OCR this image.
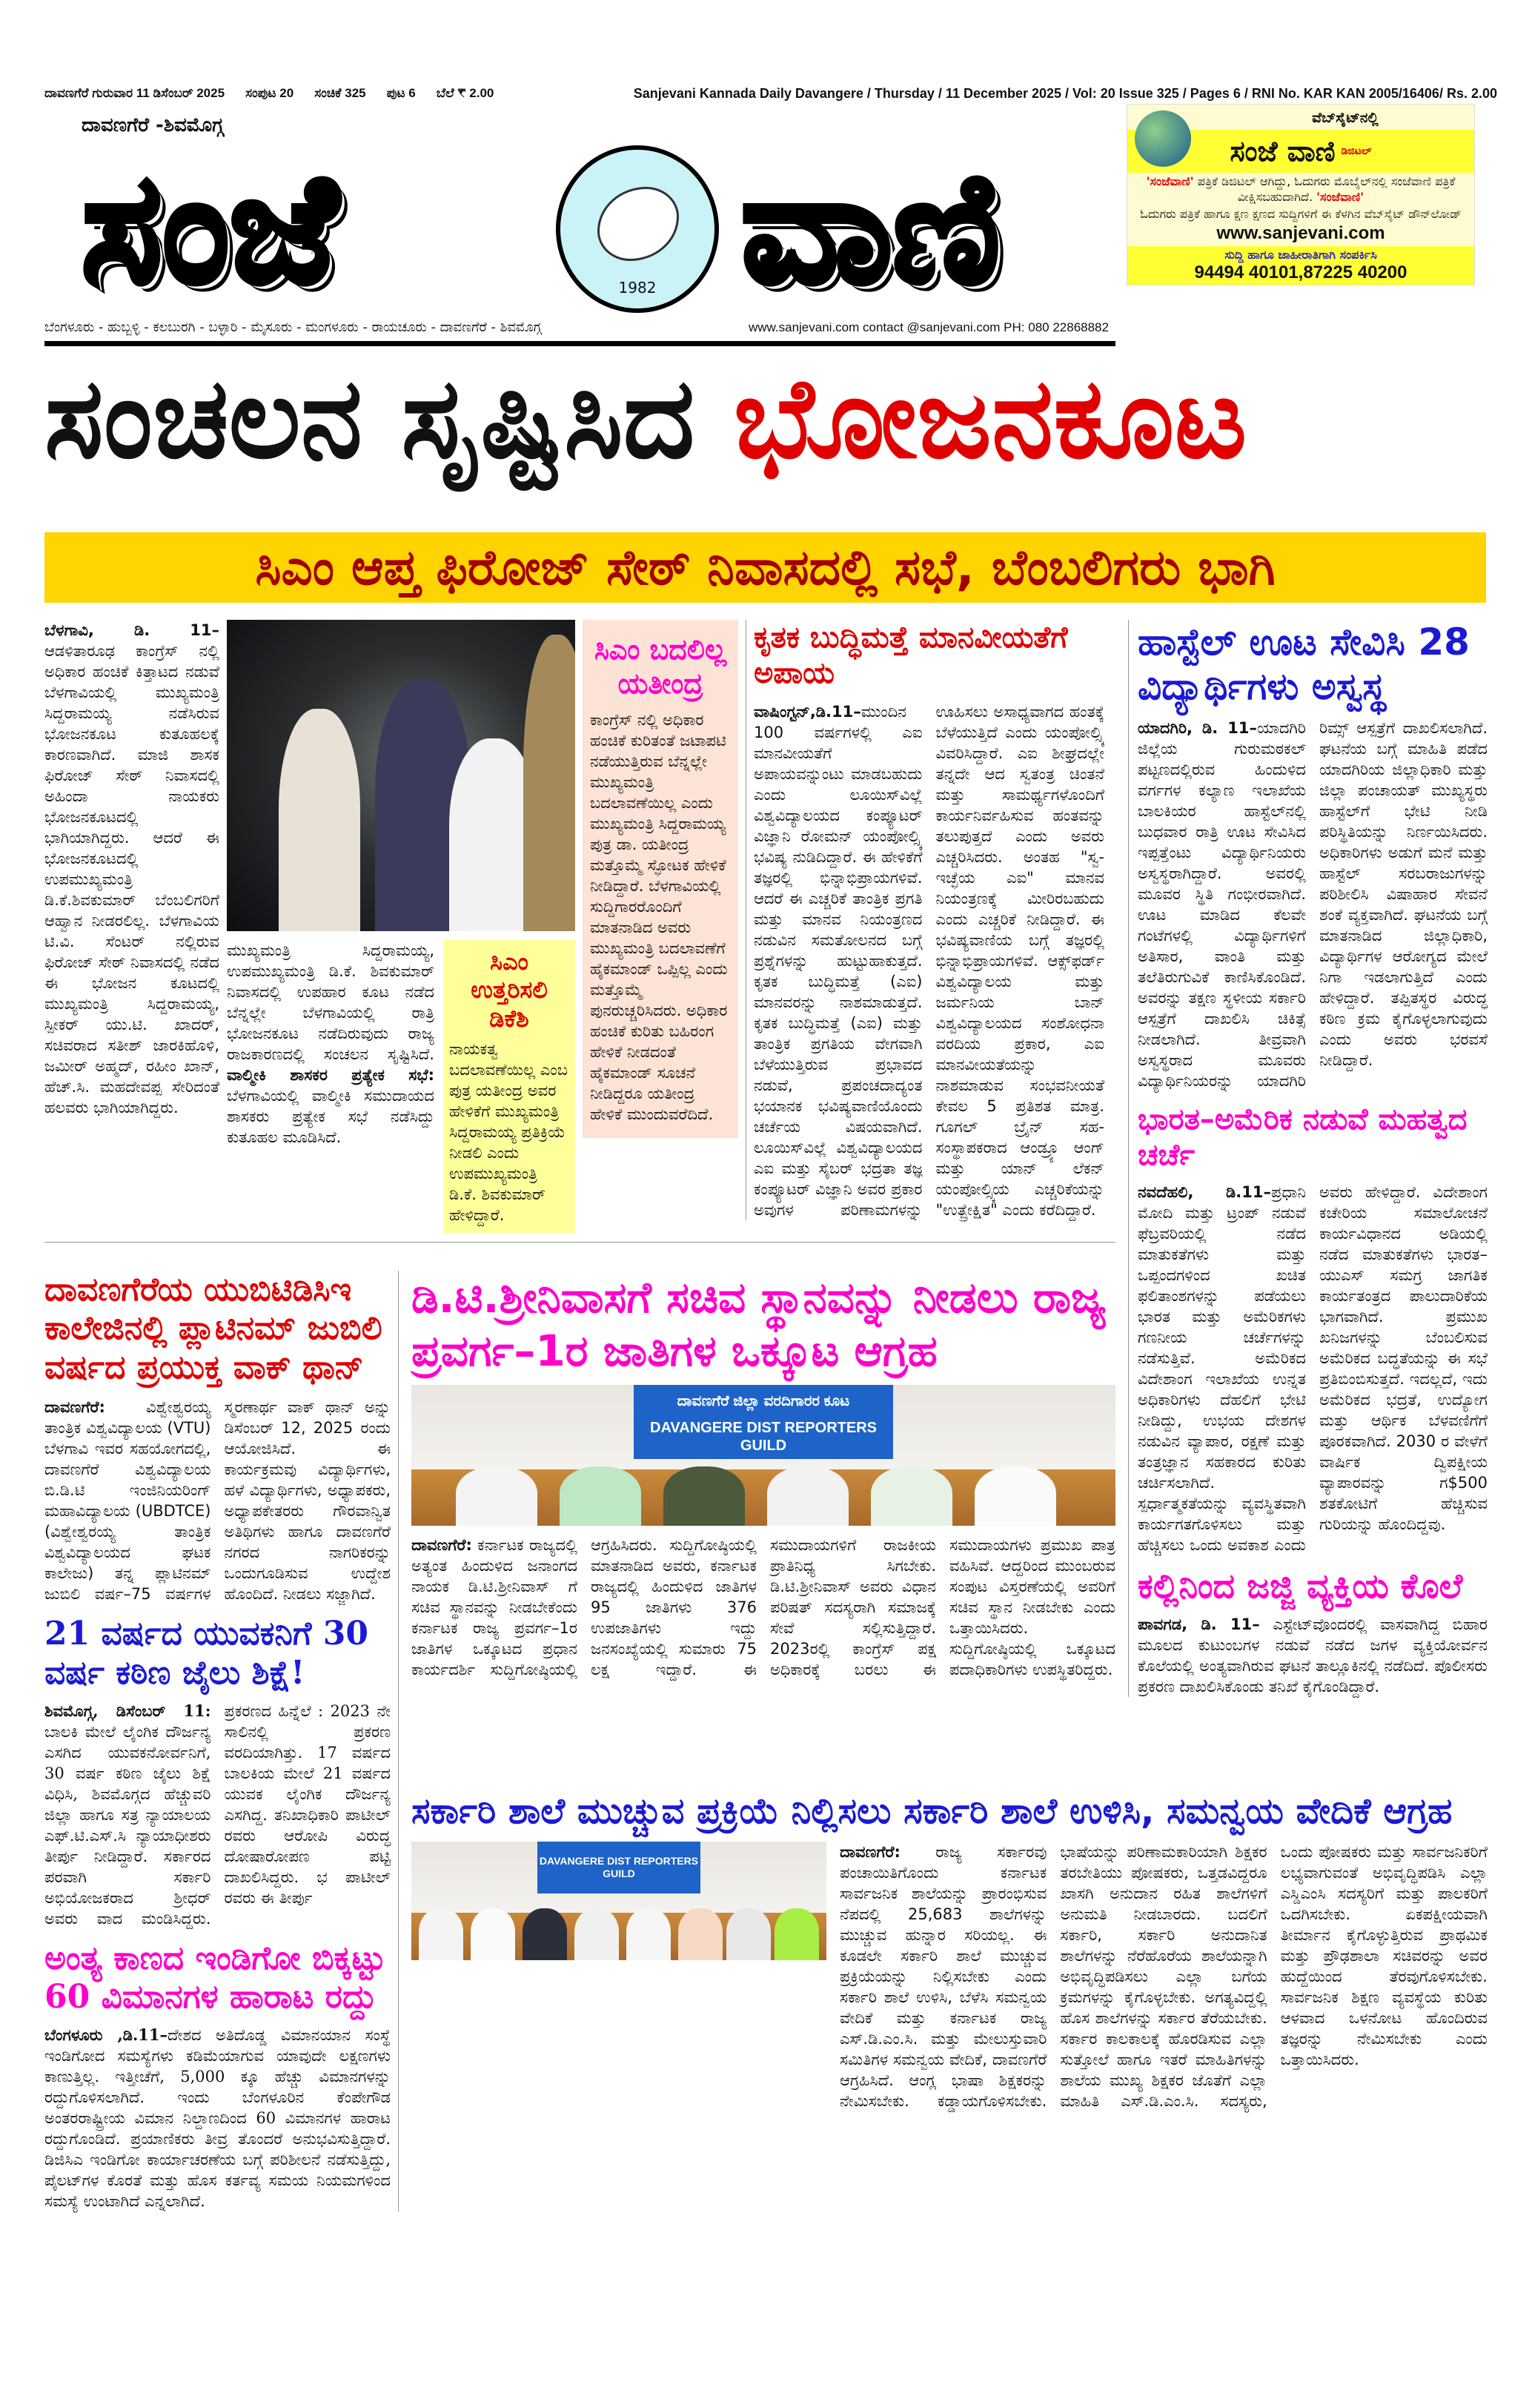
ದಾವಣಗೆರೆ ಗುರುವಾರ 11 ಡಿಸೆಂಬರ್ 2025 ಸಂಪುಟ 20 ಸಂಚಿಕೆ 325 ಪುಟ 6 ಬೆಲೆ ₹ 2.00	Sanjevani Kannada Daily Davangere / Thursday / 11 December 2025 / Vol: 20 Issue 325 / Pages 6 / RNI No. KAR KAN 2005/16406/ Rs. 2.00
ದಾವಣಗೆರೆ -ಶಿವಮೊಗ್ಗ
ಸಂಜೆ	1982 ವಾಣಿ
ಬೆಂಗಳೂರು - ಹುಬ್ಬಳ್ಳಿ - ಕಲಬುರಗಿ - ಬಳ್ಳಾರಿ - ಮೈಸೂರು - ಮಂಗಳೂರು - ರಾಯಚೂರು - ದಾವಣಗೆರೆ - ಶಿವಮೊಗ್ಗ	www.sanjevani.com contact @sanjevani.com PH: 080 22868882
ವೆಬ್‌ಸೈಟ್‌ನಲ್ಲಿ
ಸಂಜೆ ವಾಣಿ ಡಿಜಿಟಲ್

'ಸಂಜೆವಾಣಿ' ಪತ್ರಿಕೆ ಡಿಜಿಟಲ್ ಆಗಿದ್ದು, ಓದುಗರು ಮೊಬೈಲ್‌ನಲ್ಲಿ ಸಂಜೆವಾಣಿ ಪತ್ರಿಕೆ ವೀಕ್ಷಿಸಬಹುದಾಗಿದೆ. 'ಸಂಜೆವಾಣಿ'

ಓದುಗರು ಪತ್ರಿಕೆ ಹಾಗೂ ಕ್ಷಣ ಕ್ಷಣದ ಸುದ್ದಿಗಳಿಗೆ ಈ ಕೆಳಗಿನ ವೆಬ್‌ಸೈಟ್ ಡೌನ್‌ಲೋಡ್

www.sanjevani.com
ಸುದ್ದಿ ಹಾಗೂ ಜಾಹೀರಾತಿಗಾಗಿ ಸಂಪರ್ಕಿಸಿ
94494 40101,87225 40200
ಸಂಚಲನ ಸೃಷ್ಟಿಸಿದ ಭೋಜನಕೂಟ
ಸಿಎಂ ಆಪ್ತ ಫಿರೋಜ್ ಸೇಠ್ ನಿವಾಸದಲ್ಲಿ ಸಭೆ, ಬೆಂಬಲಿಗರು ಭಾಗಿ
ಬೆಳಗಾವಿ, ಡಿ. 11–ಆಡಳಿತಾರೂಢ ಕಾಂಗ್ರೆಸ್ ನಲ್ಲಿ ಅಧಿಕಾರ ಹಂಚಿಕೆ ಕಿತ್ತಾಟದ ನಡುವೆ ಬೆಳಗಾವಿಯಲ್ಲಿ ಮುಖ್ಯಮಂತ್ರಿ ಸಿದ್ದರಾಮಯ್ಯ ನಡೆಸಿರುವ ಭೋಜನಕೂಟ ಕುತೂಹಲಕ್ಕೆ ಕಾರಣವಾಗಿದೆ. ಮಾಜಿ ಶಾಸಕ ಫಿರೋಜ್ ಸೇಠ್ ನಿವಾಸದಲ್ಲಿ ಅಹಿಂದಾ ನಾಯಕರು ಭೋಜನಕೂಟದಲ್ಲಿ ಭಾಗಿಯಾಗಿದ್ದರು. ಆದರೆ ಈ ಭೋಜನಕೂಟದಲ್ಲಿ ಉಪಮುಖ್ಯಮಂತ್ರಿ ಡಿ.ಕೆ.ಶಿವಕುಮಾರ್ ಬೆಂಬಲಿಗರಿಗೆ ಆಹ್ವಾನ ನೀಡರಲಿಲ್ಲ. ಬೆಳಗಾವಿಯ ಟಿ.ವಿ. ಸೆಂಟರ್ ನಲ್ಲಿರುವ ಫಿರೋಜ್ ಸೇಠ್ ನಿವಾಸದಲ್ಲಿ ನಡೆದ ಈ ಭೋಜನ ಕೂಟದಲ್ಲಿ ಮುಖ್ಯಮಂತ್ರಿ ಸಿದ್ದರಾಮಯ್ಯ, ಸ್ಪೀಕರ್ ಯು.ಟಿ. ಖಾದರ್, ಸಚಿವರಾದ ಸತೀಶ್ ಜಾರಕಿಹೊಳಿ, ಜಮೀರ್ ಅಹ್ಮದ್, ರಹೀಂ ಖಾನ್, ಹೆಚ್.ಸಿ. ಮಹದೇವಪ್ಪ ಸೇರಿದಂತೆ ಹಲವರು ಭಾಗಿಯಾಗಿದ್ದರು.
ಮುಖ್ಯಮಂತ್ರಿ ಸಿದ್ದರಾಮಯ್ಯ, ಉಪಮುಖ್ಯಮಂತ್ರಿ ಡಿ.ಕೆ. ಶಿವಕುಮಾರ್ ನಿವಾಸದಲ್ಲಿ ಉಪಹಾರ ಕೂಟ ನಡೆದ ಬೆನ್ನಲ್ಲೇ ಬೆಳಗಾವಿಯಲ್ಲಿ ರಾತ್ರಿ ಭೋಜನಕೂಟ ನಡೆದಿರುವುದು ರಾಜ್ಯ ರಾಜಕಾರಣದಲ್ಲಿ ಸಂಚಲನ ಸೃಷ್ಟಿಸಿದೆ. ವಾಲ್ಮೀಕಿ ಶಾಸಕರ ಪ್ರತ್ಯೇಕ ಸಭೆ: ಬೆಳಗಾವಿಯಲ್ಲಿ ವಾಲ್ಮೀಕಿ ಸಮುದಾಯದ ಶಾಸಕರು ಪ್ರತ್ಯೇಕ ಸಭೆ ನಡೆಸಿದ್ದು ಕುತೂಹಲ ಮೂಡಿಸಿದೆ.
ಸಿಎಂ ಉತ್ತರಿಸಲಿ ಡಿಕೆಶಿ
ನಾಯಕತ್ವ ಬದಲಾವಣೆಯಿಲ್ಲ ಎಂಬ ಪುತ್ರ ಯತೀಂದ್ರ ಅವರ ಹೇಳಿಕೆಗೆ ಮುಖ್ಯಮಂತ್ರಿ ಸಿದ್ದರಾಮಯ್ಯ ಪ್ರತಿಕ್ರಿಯೆ ನೀಡಲಿ ಎಂದು ಉಪಮುಖ್ಯಮಂತ್ರಿ ಡಿ.ಕೆ. ಶಿವಕುಮಾರ್ ಹೇಳಿದ್ದಾರೆ.
ಸಿಎಂ ಬದಲಿಲ್ಲ ಯತೀಂದ್ರ
ಕಾಂಗ್ರೆಸ್ ನಲ್ಲಿ ಅಧಿಕಾರ ಹಂಚಿಕೆ ಕುರಿತಂತೆ ಜಟಾಪಟಿ ನಡೆಯುತ್ತಿರುವ ಬೆನ್ನಲ್ಲೇ ಮುಖ್ಯಮಂತ್ರಿ ಬದಲಾವಣೆಯಿಲ್ಲ ಎಂದು ಮುಖ್ಯಮಂತ್ರಿ ಸಿದ್ದರಾಮಯ್ಯ ಪುತ್ರ ಡಾ. ಯತೀಂದ್ರ ಮತ್ತೊಮ್ಮೆ ಸ್ಫೋಟಕ ಹೇಳಿಕೆ ನೀಡಿದ್ದಾರೆ. ಬೆಳಗಾವಿಯಲ್ಲಿ ಸುದ್ದಿಗಾರರೊಂದಿಗೆ ಮಾತನಾಡಿದ ಅವರು ಮುಖ್ಯಮಂತ್ರಿ ಬದಲಾವಣೆಗೆ ಹೈಕಮಾಂಡ್ ಒಪ್ಪಿಲ್ಲ ಎಂದು ಮತ್ತೊಮ್ಮೆ ಪುನರುಚ್ಚರಿಸಿದರು. ಅಧಿಕಾರ ಹಂಚಿಕೆ ಕುರಿತು ಬಹಿರಂಗ ಹೇಳಿಕೆ ನೀಡದಂತೆ ಹೈಕಮಾಂಡ್ ಸೂಚನೆ ನೀಡಿದ್ದರೂ ಯತೀಂದ್ರ ಹೇಳಿಕೆ ಮುಂದುವರೆದಿದೆ.
ಕೃತಕ ಬುದ್ಧಿಮತ್ತೆ ಮಾನವೀಯತೆಗೆ ಅಪಾಯ
ವಾಷಿಂಗ್ಟನ್,ಡಿ.11–ಮುಂದಿನ 100 ವರ್ಷಗಳಲ್ಲಿ ಎಐ ಮಾನವೀಯತೆಗೆ ಅಪಾಯವನ್ನುಂಟು ಮಾಡಬಹುದು ಎಂದು ಲೂಯಿಸ್‌ವಿಲ್ಲೆ ವಿಶ್ವವಿದ್ಯಾಲಯದ ಕಂಪ್ಯೂಟರ್ ವಿಜ್ಞಾನಿ ರೋಮನ್ ಯಂಪೋಲ್ಸ್ಕಿ ಭವಿಷ್ಯ ನುಡಿದಿದ್ದಾರೆ. ಈ ಹೇಳಿಕೆಗೆ ತಜ್ಞರಲ್ಲಿ ಭಿನ್ನಾಭಿಪ್ರಾಯಗಳಿವೆ. ಆದರೆ ಈ ಎಚ್ಚರಿಕೆ ತಾಂತ್ರಿಕ ಪ್ರಗತಿ ಮತ್ತು ಮಾನವ ನಿಯಂತ್ರಣದ ನಡುವಿನ ಸಮತೋಲನದ ಬಗ್ಗೆ ಪ್ರಶ್ನೆಗಳನ್ನು ಹುಟ್ಟುಹಾಕುತ್ತದೆ. ಕೃತಕ ಬುದ್ಧಿಮತ್ತೆ (ಎಐ) ಮಾನವರನ್ನು ನಾಶಮಾಡುತ್ತದೆ. ಕೃತಕ ಬುದ್ಧಿಮತ್ತೆ (ಎಐ) ಮತ್ತು ತಾಂತ್ರಿಕ ಪ್ರಗತಿಯ ವೇಗವಾಗಿ ಬೆಳೆಯುತ್ತಿರುವ ಪ್ರಭಾವದ ನಡುವೆ, ಪ್ರಪಂಚದಾದ್ಯಂತ ಭಯಾನಕ ಭವಿಷ್ಯವಾಣಿಯೊಂದು ಚರ್ಚೆಯ ವಿಷಯವಾಗಿದೆ. ಲೂಯಿಸ್‌ವಿಲ್ಲೆ ವಿಶ್ವವಿದ್ಯಾಲಯದ ಎಐ ಮತ್ತು ಸೈಬರ್ ಭದ್ರತಾ ತಜ್ಞ ಕಂಪ್ಯೂಟರ್ ವಿಜ್ಞಾನಿ ಅವರ ಪ್ರಕಾರ ಅವುಗಳ ಪರಿಣಾಮಗಳನ್ನು ಊಹಿಸಲು ಅಸಾಧ್ಯವಾಗದ ಹಂತಕ್ಕೆ ಬೆಳೆಯುತ್ತಿದೆ ಎಂದು ಯಂಪೋಲ್ಸ್ಕಿ ವಿವರಿಸಿದ್ದಾರೆ. ಎಐ ಶೀಘ್ರದಲ್ಲೇ ತನ್ನದೇ ಆದ ಸ್ವತಂತ್ರ ಚಿಂತನೆ ಮತ್ತು ಸಾಮರ್ಥ್ಯಗಳೊಂದಿಗೆ ಕಾರ್ಯನಿರ್ವಹಿಸುವ ಹಂತವನ್ನು ತಲುಪುತ್ತದೆ ಎಂದು ಅವರು ಎಚ್ಚರಿಸಿದರು. ಅಂತಹ "ಸ್ವ-ಇಚ್ಛೆಯ ಎಐ" ಮಾನವ ನಿಯಂತ್ರಣಕ್ಕೆ ಮೀರಿರಬಹುದು ಎಂದು ಎಚ್ಚರಿಕೆ ನೀಡಿದ್ದಾರೆ. ಈ ಭವಿಷ್ಯವಾಣಿಯ ಬಗ್ಗೆ ತಜ್ಞರಲ್ಲಿ ಭಿನ್ನಾಭಿಪ್ರಾಯಗಳಿವೆ. ಆಕ್ಸ್‌ಫರ್ಡ್ ವಿಶ್ವವಿದ್ಯಾಲಯ ಮತ್ತು ಜರ್ಮನಿಯ ಬಾನ್ ವಿಶ್ವವಿದ್ಯಾಲಯದ ಸಂಶೋಧನಾ ವರದಿಯ ಪ್ರಕಾರ, ಎಐ ಮಾನವೀಯತೆಯನ್ನು ನಾಶಮಾಡುವ ಸಂಭವನೀಯತೆ ಕೇವಲ 5 ಪ್ರತಿಶತ ಮಾತ್ರ. ಗೂಗಲ್ ಬ್ರೈನ್ ಸಹ-ಸಂಸ್ಥಾಪಕರಾದ ಆಂಡ್ರ್ಯೂ ಆಂಗ್ ಮತ್ತು ಯಾನ್ ಲೆಕನ್ ಯಂಪೋಲ್ಸ್ಕಿಯ ಎಚ್ಚರಿಕೆಯನ್ನು "ಉತ್ಪ್ರೇಕ್ಷಿತ" ಎಂದು ಕರೆದಿದ್ದಾರೆ.
ಹಾಸ್ಟೆಲ್ ಊಟ ಸೇವಿಸಿ 28 ವಿದ್ಯಾರ್ಥಿಗಳು ಅಸ್ವಸ್ಥ
ಯಾದಗಿರಿ, ಡಿ. 11–ಯಾದಗಿರಿ ಜಿಲ್ಲೆಯ ಗುರುಮಠಕಲ್ ಪಟ್ಟಣದಲ್ಲಿರುವ ಹಿಂದುಳಿದ ವರ್ಗಗಳ ಕಲ್ಯಾಣ ಇಲಾಖೆಯ ಬಾಲಕಿಯರ ಹಾಸ್ಟೆಲ್‌ನಲ್ಲಿ ಬುಧವಾರ ರಾತ್ರಿ ಊಟ ಸೇವಿಸಿದ ಇಪ್ಪತ್ತೆಂಟು ವಿದ್ಯಾರ್ಥಿನಿಯರು ಅಸ್ವಸ್ಥರಾಗಿದ್ದಾರೆ. ಅವರಲ್ಲಿ ಮೂವರ ಸ್ಥಿತಿ ಗಂಭೀರವಾಗಿದೆ. ಊಟ ಮಾಡಿದ ಕೆಲವೇ ಗಂಟೆಗಳಲ್ಲಿ ವಿದ್ಯಾರ್ಥಿಗಳಿಗೆ ಅತಿಸಾರ, ವಾಂತಿ ಮತ್ತು ತಲೆತಿರುಗುವಿಕೆ ಕಾಣಿಸಿಕೊಂಡಿದೆ. ಅವರನ್ನು ತಕ್ಷಣ ಸ್ಥಳೀಯ ಸರ್ಕಾರಿ ಆಸ್ಪತ್ರೆಗೆ ದಾಖಲಿಸಿ ಚಿಕಿತ್ಸೆ ನೀಡಲಾಗಿದೆ. ತೀವ್ರವಾಗಿ ಅಸ್ವಸ್ಥರಾದ ಮೂವರು ವಿದ್ಯಾರ್ಥಿನಿಯರನ್ನು ಯಾದಗಿರಿ ರಿಮ್ಸ್ ಆಸ್ಪತ್ರೆಗೆ ದಾಖಲಿಸಲಾಗಿದೆ. ಘಟನೆಯ ಬಗ್ಗೆ ಮಾಹಿತಿ ಪಡೆದ ಯಾದಗಿರಿಯ ಜಿಲ್ಲಾಧಿಕಾರಿ ಮತ್ತು ಜಿಲ್ಲಾ ಪಂಚಾಯತ್ ಮುಖ್ಯಸ್ಥರು ಹಾಸ್ಟೆಲ್‌ಗೆ ಭೇಟಿ ನೀಡಿ ಪರಿಸ್ಥಿತಿಯನ್ನು ನಿರ್ಣಯಿಸಿದರು. ಅಧಿಕಾರಿಗಳು ಅಡುಗೆ ಮನೆ ಮತ್ತು ಹಾಸ್ಟೆಲ್ ಸರಬರಾಜುಗಳನ್ನು ಪರಿಶೀಲಿಸಿ ವಿಷಾಹಾರ ಸೇವನೆ ಶಂಕೆ ವ್ಯಕ್ತವಾಗಿದೆ. ಘಟನೆಯ ಬಗ್ಗೆ ಮಾತನಾಡಿದ ಜಿಲ್ಲಾಧಿಕಾರಿ, ವಿದ್ಯಾರ್ಥಿಗಳ ಆರೋಗ್ಯದ ಮೇಲೆ ನಿಗಾ ಇಡಲಾಗುತ್ತಿದೆ ಎಂದು ಹೇಳಿದ್ದಾರೆ. ತಪ್ಪಿತಸ್ಥರ ವಿರುದ್ಧ ಕಠಿಣ ಕ್ರಮ ಕೈಗೊಳ್ಳಲಾಗುವುದು ಎಂದು ಅವರು ಭರವಸೆ ನೀಡಿದ್ದಾರೆ.
ಭಾರತ–ಅಮೆರಿಕ ನಡುವೆ ಮಹತ್ವದ ಚರ್ಚೆ
ನವದೆಹಲಿ, ಡಿ.11–ಪ್ರಧಾನಿ ಮೋದಿ ಮತ್ತು ಟ್ರಂಪ್ ನಡುವೆ ಫೆಬ್ರವರಿಯಲ್ಲಿ ನಡೆದ ಮಾತುಕತೆಗಳು ಮತ್ತು ಒಪ್ಪಂದಗಳಿಂದ ಖಚಿತ ಫಲಿತಾಂಶಗಳನ್ನು ಪಡೆಯಲು ಭಾರತ ಮತ್ತು ಅಮೆರಿಕಗಳು ಗಣನೀಯ ಚರ್ಚೆಗಳನ್ನು ನಡೆಸುತ್ತಿವೆ. ಅಮೆರಿಕದ ವಿದೇಶಾಂಗ ಇಲಾಖೆಯ ಉನ್ನತ ಅಧಿಕಾರಿಗಳು ದೆಹಲಿಗೆ ಭೇಟಿ ನೀಡಿದ್ದು, ಉಭಯ ದೇಶಗಳ ನಡುವಿನ ವ್ಯಾಪಾರ, ರಕ್ಷಣೆ ಮತ್ತು ತಂತ್ರಜ್ಞಾನ ಸಹಕಾರದ ಕುರಿತು ಚರ್ಚಿಸಲಾಗಿದೆ. ಸ್ಪರ್ಧಾತ್ಮಕತೆಯನ್ನು ವ್ಯವಸ್ಥಿತವಾಗಿ ಕಾರ್ಯಗತಗೊಳಿಸಲು ಮತ್ತು ಹೆಚ್ಚಿಸಲು ಒಂದು ಅವಕಾಶ ಎಂದು ಅವರು ಹೇಳಿದ್ದಾರೆ. ವಿದೇಶಾಂಗ ಕಚೇರಿಯ ಸಮಾಲೋಚನೆ ಕಾರ್ಯವಿಧಾನದ ಅಡಿಯಲ್ಲಿ ನಡೆದ ಮಾತುಕತೆಗಳು ಭಾರತ–ಯುಎಸ್ ಸಮಗ್ರ ಜಾಗತಿಕ ಕಾರ್ಯತಂತ್ರದ ಪಾಲುದಾರಿಕೆಯ ಭಾಗವಾಗಿದೆ. ಪ್ರಮುಖ ಖನಿಜಗಳನ್ನು ಬೆಂಬಲಿಸುವ ಅಮೆರಿಕದ ಬದ್ಧತೆಯನ್ನು ಈ ಸಭೆ ಪ್ರತಿಬಿಂಬಿಸುತ್ತದೆ. ಇದಲ್ಲದೆ, ಇದು ಅಮೆರಿಕದ ಭದ್ರತೆ, ಉದ್ಯೋಗ ಮತ್ತು ಆರ್ಥಿಕ ಬೆಳವಣಿಗೆಗೆ ಪೂರಕವಾಗಿದೆ. 2030 ರ ವೇಳೆಗೆ ವಾರ್ಷಿಕ ದ್ವಿಪಕ್ಷೀಯ ವ್ಯಾಪಾರವನ್ನು ಗ$500 ಶತಕೋಟಿಗೆ ಹೆಚ್ಚಿಸುವ ಗುರಿಯನ್ನು ಹೊಂದಿದ್ದವು.
ಕಲ್ಲಿನಿಂದ ಜಜ್ಜಿ ವ್ಯಕ್ತಿಯ ಕೊಲೆ
ಪಾವಗಡ, ಡಿ. 11– ಎಸ್ಟೇಟ್‌ವೊಂದರಲ್ಲಿ ವಾಸವಾಗಿದ್ದ ಬಿಹಾರ ಮೂಲದ ಕುಟುಂಬಗಳ ನಡುವೆ ನಡೆದ ಜಗಳ ವ್ಯಕ್ತಿಯೋರ್ವನ ಕೊಲೆಯಲ್ಲಿ ಅಂತ್ಯವಾಗಿರುವ ಘಟನೆ ತಾಲ್ಲೂಕಿನಲ್ಲಿ ನಡೆದಿದೆ. ಪೊಲೀಸರು ಪ್ರಕರಣ ದಾಖಲಿಸಿಕೊಂಡು ತನಿಖೆ ಕೈಗೊಂಡಿದ್ದಾರೆ.
ದಾವಣಗೆರೆಯ ಯುಬಿಟಿಡಿಸಿಇ ಕಾಲೇಜಿನಲ್ಲಿ ಪ್ಲಾಟಿನಮ್ ಜುಬಿಲಿ ವರ್ಷದ ಪ್ರಯುಕ್ತ ವಾಕ್ ಥಾನ್
ದಾವಣಗೆರೆ:	ವಿಶ್ವೇಶ್ವರಯ್ಯ ತಾಂತ್ರಿಕ ವಿಶ್ವವಿದ್ಯಾಲಯ (VTU) ಬೆಳಗಾವಿ ಇವರ ಸಹಯೋಗದಲ್ಲಿ, ದಾವಣಗೆರೆ ವಿಶ್ವವಿದ್ಯಾಲಯ ಬಿ.ಡಿ.ಟಿ ಇಂಜಿನಿಯರಿಂಗ್ ಮಹಾವಿದ್ಯಾಲಯ (UBDTCE) (ವಿಶ್ವೇಶ್ವರಯ್ಯ ತಾಂತ್ರಿಕ ವಿಶ್ವವಿದ್ಯಾಲಯದ ಘಟಕ ಕಾಲೇಜು) ತನ್ನ ಪ್ಲಾಟಿನಮ್ ಜುಬಿಲಿ ವರ್ಷ–75 ವರ್ಷಗಳ ಸ್ಮರಣಾರ್ಥ ವಾಕ್ ಥಾನ್ ಅನ್ನು ಡಿಸೆಂಬರ್ 12, 2025 ರಂದು ಆಯೋಜಿಸಿದೆ. ಈ ಕಾರ್ಯಕ್ರಮವು ವಿದ್ಯಾರ್ಥಿಗಳು, ಹಳೆ ವಿದ್ಯಾರ್ಥಿಗಳು, ಅಧ್ಯಾಪಕರು, ಅಧ್ಯಾಪಕೇತರರು ಗೌರವಾನ್ವಿತ ಅತಿಥಿಗಳು ಹಾಗೂ ದಾವಣಗೆರೆ ನಗರದ ನಾಗರಿಕರನ್ನು ಒಂದುಗೂಡಿಸುವ ಉದ್ದೇಶ ಹೊಂದಿದೆ. ನೀಡಲು ಸಜ್ಜಾಗಿದೆ.
21 ವರ್ಷದ ಯುವಕನಿಗೆ 30 ವರ್ಷ ಕಠಿಣ ಜೈಲು ಶಿಕ್ಷೆ!
ಶಿವಮೊಗ್ಗ, ಡಿಸೆಂಬರ್ 11: ಬಾಲಕಿ ಮೇಲೆ ಲೈಂಗಿಕ ದೌರ್ಜನ್ಯ ಎಸಗಿದ ಯುವಕನೋರ್ವನಿಗೆ, 30 ವರ್ಷ ಕಠಿಣ ಜೈಲು ಶಿಕ್ಷೆ ವಿಧಿಸಿ, ಶಿವಮೊಗ್ಗದ ಹೆಚ್ಚುವರಿ ಜಿಲ್ಲಾ ಹಾಗೂ ಸತ್ರ ನ್ಯಾಯಾಲಯ ಎಫ್.ಟಿ.ಎಸ್.ಸಿ ನ್ಯಾಯಾಧೀಶರು ತೀರ್ಪು ನೀಡಿದ್ದಾರೆ. ಸರ್ಕಾರದ ಪರವಾಗಿ ಸರ್ಕಾರಿ ಅಭಿಯೋಜಕರಾದ ಶ್ರೀಧರ್ ಅವರು ವಾದ ಮಂಡಿಸಿದ್ದರು. ಪ್ರಕರಣದ ಹಿನ್ನೆಲೆ : 2023 ನೇ ಸಾಲಿನಲ್ಲಿ ಪ್ರಕರಣ ವರದಿಯಾಗಿತ್ತು. 17 ವರ್ಷದ ಬಾಲಕಿಯ ಮೇಲೆ 21 ವರ್ಷದ ಯುವಕ ಲೈಂಗಿಕ ದೌರ್ಜನ್ಯ ಎಸಗಿದ್ದ. ತನಿಖಾಧಿಕಾರಿ ಪಾಟೀಲ್ ರವರು ಆರೋಪಿ ವಿರುದ್ಧ ದೋಷಾರೋಪಣ ಪಟ್ಟಿ ದಾಖಲಿಸಿದ್ದರು. ಭ ಪಾಟೀಲ್ ರವರು ಈ ತೀರ್ಪು
ಅಂತ್ಯ ಕಾಣದ ಇಂಡಿಗೋ ಬಿಕ್ಕಟ್ಟು 60 ವಿಮಾನಗಳ ಹಾರಾಟ ರದ್ದು
ಬೆಂಗಳೂರು ,ಡಿ.11–ದೇಶದ ಅತಿದೊಡ್ಡ ವಿಮಾನಯಾನ ಸಂಸ್ಥೆ ಇಂಡಿಗೋದ ಸಮಸ್ಯೆಗಳು ಕಡಿಮೆಯಾಗುವ ಯಾವುದೇ ಲಕ್ಷಣಗಳು ಕಾಣುತ್ತಿಲ್ಲ. ಇತ್ತೀಚೆಗೆ, 5,000 ಕ್ಕೂ ಹೆಚ್ಚು ವಿಮಾನಗಳನ್ನು ರದ್ದುಗೊಳಿಸಲಾಗಿದೆ. ಇಂದು ಬೆಂಗಳೂರಿನ ಕೆಂಪೇಗೌಡ ಅಂತರರಾಷ್ಟ್ರೀಯ ವಿಮಾನ ನಿಲ್ದಾಣದಿಂದ 60 ವಿಮಾನಗಳ ಹಾರಾಟ ರದ್ದುಗೊಂಡಿದೆ. ಪ್ರಯಾಣಿಕರು ತೀವ್ರ ತೊಂದರೆ ಅನುಭವಿಸುತ್ತಿದ್ದಾರೆ. ಡಿಜಿಸಿಎ ಇಂಡಿಗೋ ಕಾರ್ಯಾಚರಣೆಯ ಬಗ್ಗೆ ಪರಿಶೀಲನೆ ನಡೆಸುತ್ತಿದ್ದು, ಪೈಲಟ್‌ಗಳ ಕೊರತೆ ಮತ್ತು ಹೊಸ ಕರ್ತವ್ಯ ಸಮಯ ನಿಯಮಗಳಿಂದ ಸಮಸ್ಯೆ ಉಂಟಾಗಿದೆ ಎನ್ನಲಾಗಿದೆ.
ಡಿ.ಟಿ.ಶ್ರೀನಿವಾಸಗೆ ಸಚಿವ ಸ್ಥಾನವನ್ನು ನೀಡಲು ರಾಜ್ಯ ಪ್ರವರ್ಗ–1ರ ಜಾತಿಗಳ ಒಕ್ಕೂಟ ಆಗ್ರಹ
ದಾವಣಗೆರೆ ಜಿಲ್ಲಾ ವರದಿಗಾರರ ಕೂಟ
DAVANGERE DIST REPORTERS GUILD
ದಾವಣಗೆರೆ: ಕರ್ನಾಟಕ ರಾಜ್ಯದಲ್ಲಿ ಅತ್ಯಂತ ಹಿಂದುಳಿದ ಜನಾಂಗದ ನಾಯಕ ಡಿ.ಟಿ.ಶ್ರೀನಿವಾಸ್ ಗೆ ಸಚಿವ ಸ್ಥಾನವನ್ನು ನೀಡಬೇಕೆಂದು ಕರ್ನಾಟಕ ರಾಜ್ಯ ಪ್ರವರ್ಗ–1ರ ಜಾತಿಗಳ ಒಕ್ಕೂಟದ ಪ್ರಧಾನ ಕಾರ್ಯದರ್ಶಿ ಸುದ್ದಿಗೋಷ್ಠಿಯಲ್ಲಿ ಆಗ್ರಹಿಸಿದರು. ಸುದ್ದಿಗೋಷ್ಠಿಯಲ್ಲಿ ಮಾತನಾಡಿದ ಅವರು, ಕರ್ನಾಟಕ ರಾಜ್ಯದಲ್ಲಿ ಹಿಂದುಳಿದ ಜಾತಿಗಳ 95 ಜಾತಿಗಳು 376 ಉಪಜಾತಿಗಳು ಇದ್ದು ಜನಸಂಖ್ಯೆಯಲ್ಲಿ ಸುಮಾರು 75 ಲಕ್ಷ ಇದ್ದಾರೆ. ಈ ಸಮುದಾಯಗಳಿಗೆ ರಾಜಕೀಯ ಪ್ರಾತಿನಿಧ್ಯ ಸಿಗಬೇಕು. ಡಿ.ಟಿ.ಶ್ರೀನಿವಾಸ್ ಅವರು ವಿಧಾನ ಪರಿಷತ್ ಸದಸ್ಯರಾಗಿ ಸಮಾಜಕ್ಕೆ ಸೇವೆ ಸಲ್ಲಿಸುತ್ತಿದ್ದಾರೆ. 2023ರಲ್ಲಿ ಕಾಂಗ್ರೆಸ್ ಪಕ್ಷ ಅಧಿಕಾರಕ್ಕೆ ಬರಲು ಈ ಸಮುದಾಯಗಳು ಪ್ರಮುಖ ಪಾತ್ರ ವಹಿಸಿವೆ. ಆದ್ದರಿಂದ ಮುಂಬರುವ ಸಂಪುಟ ವಿಸ್ತರಣೆಯಲ್ಲಿ ಅವರಿಗೆ ಸಚಿವ ಸ್ಥಾನ ನೀಡಬೇಕು ಎಂದು ಒತ್ತಾಯಿಸಿದರು. ಸುದ್ದಿಗೋಷ್ಠಿಯಲ್ಲಿ ಒಕ್ಕೂಟದ ಪದಾಧಿಕಾರಿಗಳು ಉಪಸ್ಥಿತರಿದ್ದರು.
ಸರ್ಕಾರಿ ಶಾಲೆ ಮುಚ್ಚುವ ಪ್ರಕ್ರಿಯೆ ನಿಲ್ಲಿಸಲು ಸರ್ಕಾರಿ ಶಾಲೆ ಉಳಿಸಿ, ಸಮನ್ವಯ ವೇದಿಕೆ ಆಗ್ರಹ
DAVANGERE DIST REPORTERS GUILD
ದಾವಣಗೆರೆ: ರಾಜ್ಯ ಸರ್ಕಾರವು ಪಂಚಾಯಿತಿಗೊಂದು ಕರ್ನಾಟಕ ಸಾರ್ವಜನಿಕ ಶಾಲೆಯನ್ನು ಪ್ರಾರಂಭಿಸುವ ನೆಪದಲ್ಲಿ 25,683 ಶಾಲೆಗಳನ್ನು ಮುಚ್ಚುವ ಹುನ್ನಾರ ಸರಿಯಲ್ಲ. ಈ ಕೂಡಲೇ ಸರ್ಕಾರಿ ಶಾಲೆ ಮುಚ್ಚುವ ಪ್ರಕ್ರಿಯೆಯನ್ನು ನಿಲ್ಲಿಸಬೇಕು ಎಂದು ಸರ್ಕಾರಿ ಶಾಲೆ ಉಳಿಸಿ, ಬೆಳೆಸಿ ಸಮನ್ವಯ ವೇದಿಕೆ ಮತ್ತು ಕರ್ನಾಟಕ ರಾಜ್ಯ ಎಸ್.ಡಿ.ಎಂ.ಸಿ. ಮತ್ತು ಮೇಲುಸ್ತುವಾರಿ ಸಮಿತಿಗಳ ಸಮನ್ವಯ ವೇದಿಕೆ, ದಾವಣಗೆರೆ ಆಗ್ರಹಿಸಿದೆ. ಆಂಗ್ಲ ಭಾಷಾ ಶಿಕ್ಷಕರನ್ನು ನೇಮಿಸಬೇಕು. ಕಡ್ಡಾಯಗೊಳಿಸಬೇಕು. ಭಾಷೆಯನ್ನು ಪರಿಣಾಮಕಾರಿಯಾಗಿ ಶಿಕ್ಷಕರ ತರಬೇತಿಯು ಪೋಷಕರು, ಒತ್ತಡವಿದ್ದರೂ ಖಾಸಗಿ ಅನುದಾನ ರಹಿತ ಶಾಲೆಗಳಿಗೆ ಅನುಮತಿ ನೀಡಬಾರದು. ಬದಲಿಗೆ ಸರ್ಕಾರಿ, ಸರ್ಕಾರಿ ಅನುದಾನಿತ ಶಾಲೆಗಳನ್ನು ನೆರೆಹೊರೆಯ ಶಾಲೆಯನ್ನಾಗಿ ಅಭಿವೃದ್ಧಿಪಡಿಸಲು ಎಲ್ಲಾ ಬಗೆಯ ಕ್ರಮಗಳನ್ನು ಕೈಗೊಳ್ಳಬೇಕು. ಅಗತ್ಯವಿದ್ದಲ್ಲಿ ಹೊಸ ಶಾಲೆಗಳನ್ನು ಸರ್ಕಾರ ತೆರೆಯಬೇಕು. ಸರ್ಕಾರ ಕಾಲಕಾಲಕ್ಕೆ ಹೊರಡಿಸುವ ಎಲ್ಲಾ ಸುತ್ತೋಲೆ ಹಾಗೂ ಇತರೆ ಮಾಹಿತಿಗಳನ್ನು ಶಾಲೆಯ ಮುಖ್ಯ ಶಿಕ್ಷಕರ ಜೊತೆಗೆ ಎಲ್ಲಾ ಮಾಹಿತಿ ಎಸ್.ಡಿ.ಎಂ.ಸಿ. ಸದಸ್ಯರು, ಒಂದು ಪೋಷಕರು ಮತ್ತು ಸಾರ್ವಜನಿಕರಿಗೆ ಲಭ್ಯವಾಗುವಂತೆ ಅಭಿವೃದ್ಧಿಪಡಿಸಿ ಎಲ್ಲಾ ಎಸ್ಡಿಎಂಸಿ ಸದಸ್ಯರಿಗೆ ಮತ್ತು ಪಾಲಕರಿಗೆ ಒದಗಿಸಬೇಕು. ಏಕಪಕ್ಷೀಯವಾಗಿ ತೀರ್ಮಾನ ಕೈಗೊಳ್ಳುತ್ತಿರುವ ಪ್ರಾಥಮಿಕ ಮತ್ತು ಪ್ರೌಢಶಾಲಾ ಸಚಿವರನ್ನು ಅವರ ಹುದ್ದೆಯಿಂದ ತೆರವುಗೊಳಿಸಬೇಕು. ಸಾರ್ವಜನಿಕ ಶಿಕ್ಷಣ ವ್ಯವಸ್ಥೆಯ ಕುರಿತು ಆಳವಾದ ಒಳನೋಟ ಹೊಂದಿರುವ ತಜ್ಞರನ್ನು ನೇಮಿಸಬೇಕು ಎಂದು ಒತ್ತಾಯಿಸಿದರು.
